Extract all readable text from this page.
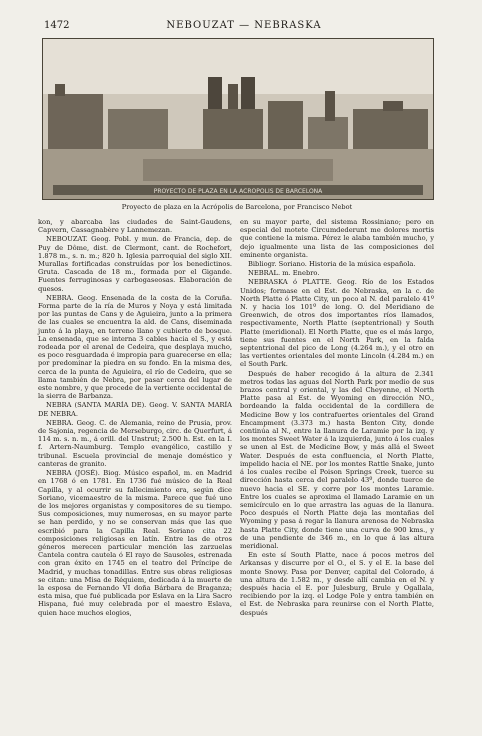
1472	NEBOUZAT — NEBRASKA
PROYECTO DE PLAZA EN LA ACROPOLIS DE BARCELONA
Proyecto de plaza en la Acrópolis de Barcelona, por Francisco Nebot

kon, y abarcaba las ciudades de Saint-Gaudens, Capvern, Cassagnabère y Lannemezan.

NEBOUZAT. Geog. Pobl. y mun. de Francia, dep. de Puy de Dôme, dist. de Clermont, cant. de Rochefort, 1.878 m., s. n. m.; 820 h. Iglesia parroquial del siglo XII. Murallas fortificadas construídas por los benedictinos. Gruta. Cascada de 18 m., formada por el Gigande. Fuentes ferruginosas y carbogaseosas. Elaboración de quesos.

NEBRA. Geog. Ensenada de la costa de la Coruña. Forma parte de la ría de Muros y Noya y está limitada por las puntas de Cans y de Aguieira, junto a la primera de las cuales se encuentra la ald. de Cans, diseminada junto á la playa, en terreno llano y cubierto de bosque. La ensenada, que se interna 3 cables hacia el S., y está rodeada por el arenal de Cedeira, que desplaya mucho, es poco resguardada é impropia para guarecerse en ella; por predominar la piedra en su fondo. En la misma des, cerca de la punta de Aguieira, el río de Cedeira, que se llama también de Nebra, por pasar cerca del lugar de este nombre, y que procede de la vertiente occidental de la sierra de Barbanza.

NEBRA (SANTA MARÍA DE). Geog. V. SANTA MARÍA DE NEBRA.

NEBRA. Geog. C. de Alemania, reino de Prusia, prov. de Sajonia, regencia de Merseburgo, circ. de Querfurt, á 114 m. s. n. m., á orill. del Unstrut; 2.500 h. Est. en la I. f. Artern-Naumburg. Templo evangélico, castillo y tribunal. Escuela provincial de menaje doméstico y canteras de granito.

NEBRA (JOSÉ). Biog. Músico español, m. en Madrid en 1768 ó en 1781. En 1736 fué músico de la Real Capilla, y al ocurrir su fallecimiento era, según dice Soriano, vicemaestro de la misma. Parece que fué uno de los mejores organistas y compositores de su tiempo. Sus composiciones, muy numerosas, en su mayor parte se han perdido, y no se conservan más que las que escribió para la Capilla Real. Soriano cita 22 composiciones religiosas en latín. Entre las de otros géneros merecen particular mención las zarzuelas Cantela contra cautela ó El rayo de Sausoles, estrenada con gran éxito en 1745 en el teatro del Príncipe de Madrid, y muchas tonadillas. Entre sus obras religiosas se citan: una Misa de Réquiem, dedicada á la muerte de la esposa de Fernando VI doña Bárbara de Braganza; esta misa, que fué publicada por Eslava en la Lira Sacro Hispana, fué muy celebrada por el maestro Eslava, quien hace muchos elogios,

en su mayor parte, del sistema Rossiniano; pero en especial del motete Circumdederunt me dolores mortis que contiene la misma. Pérez le alaba también mucho, y dejo igualmente una lista de las composiciones del eminente organista.

Bibliogr. Soriano. Historia de la música española.

NEBRAL. m. Enebro.

NEBRASKA ó PLATTE. Geog. Río de los Estados Unidos; formase en el Est. de Nebraska, en la c. de North Platte ó Platte City, un poco al N. del paralelo 41º N. y hacia los 101º de long. O. del Meridiano de Greenwich, de otros dos importantes ríos llamados, respectivamente, North Platte (septentrional) y South Platte (meridional). El North Platte, que es el más largo, tiene sus fuentes en el North Park, en la falda septentrional del pico de Long (4.264 m.), y el otro en las vertientes orientales del monte Lincoln (4.284 m.) en el South Park.

Después de haber recogido á la altura de 2.341 metros todas las aguas del North Park por medio de sus brazos central y oriental, y las del Cheyenne, el North Platte pasa al Est. de Wyoming en dirección NO., bordeando la falda occidental de la cordillera de Medicine Bow y los contrafuertes orientales del Grand Encampment (3.373 m.) hasta Benton City, donde continúa al N., entre la llanura de Laramie por la izq. y los montes Sweet Water á la izquierda, junto á los cuales se unen al Est. de Medicine Bow, y más allá el Sweet Water. Después de esta confluencia, el North Platte, impelido hacia el NE. por los montes Rattle Snake, junto á los cuales recibe el Poison Springs Creek, tuerce su dirección hasta cerca del paralelo 43º, donde tuerce de nuevo hacia el SE. y corre por los montes Laramie. Entre los cuales se aproxima el llamado Laramie en un semicírculo en lo que arrastra las aguas de la llanura. Poco después el North Platte deja las montañas del Wyoming y pasa á regar la llanura arenosa de Nebraska hasta Platte City, donde tiene una curva de 900 kms., y de una pendiente de 346 m., en lo que á las altura meridional.

En este sí South Platte, nace á pocos metros del Arkansas y discurre por el O., el S. y el E. la base del monte Snowy. Pasa por Denver, capital del Colorado, á una altura de 1.582 m., y desde allí cambia en el N. y después hacia el E. por Julesburg, Brule y Ogallala, recibiendo por la izq. el Lodge Pole y entra también en el Est. de Nebraska para reunirse con el North Platte, después
